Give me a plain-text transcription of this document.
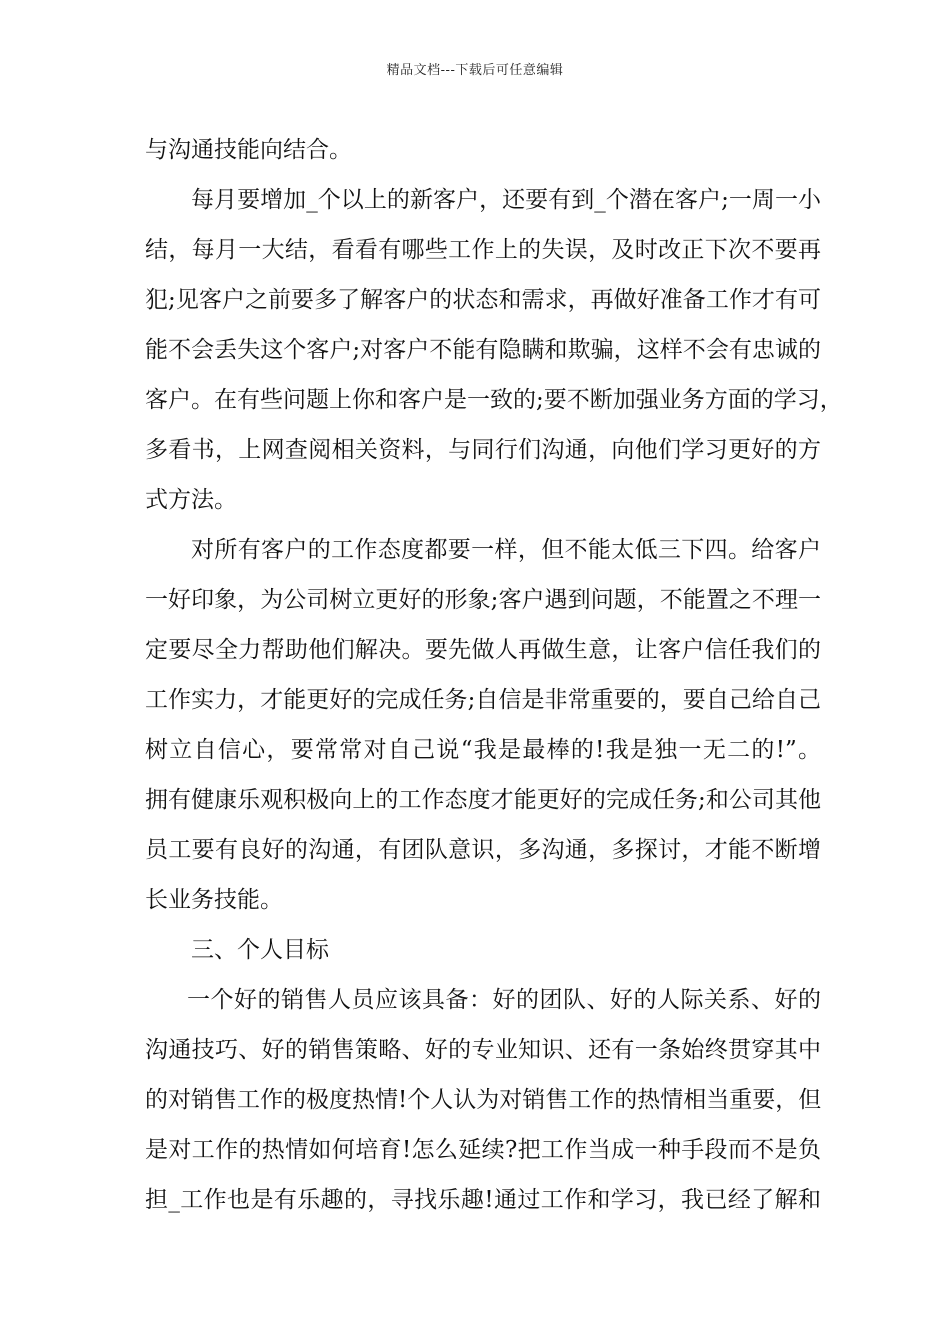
精品文档---下载后可任意编辑
与沟通技能向结合。
每月要增加_个以上的新客户，还要有到_个潜在客户;一周一小
结，每月一大结，看看有哪些工作上的失误，及时改正下次不要再
犯;见客户之前要多了解客户的状态和需求，再做好准备工作才有可
能不会丢失这个客户;对客户不能有隐瞒和欺骗，这样不会有忠诚的
客户。在有些问题上你和客户是一致的;要不断加强业务方面的学习，
多看书，上网查阅相关资料，与同行们沟通，向他们学习更好的方
式方法。
对所有客户的工作态度都要一样，但不能太低三下四。给客户
一好印象，为公司树立更好的形象;客户遇到问题，不能置之不理一
定要尽全力帮助他们解决。要先做人再做生意，让客户信任我们的
工作实力，才能更好的完成任务;自信是非常重要的，要自己给自己
树立自信心，要常常对自己说“我是最棒的!我是独一无二的!”。
拥有健康乐观积极向上的工作态度才能更好的完成任务;和公司其他
员工要有良好的沟通，有团队意识，多沟通，多探讨，才能不断增
长业务技能。
三、个人目标
一个好的销售人员应该具备：好的团队、好的人际关系、好的
沟通技巧、好的销售策略、好的专业知识、还有一条始终贯穿其中
的对销售工作的极度热情!个人认为对销售工作的热情相当重要，但
是对工作的热情如何培育!怎么延续?把工作当成一种手段而不是负
担_工作也是有乐趣的，寻找乐趣!通过工作和学习，我已经了解和
